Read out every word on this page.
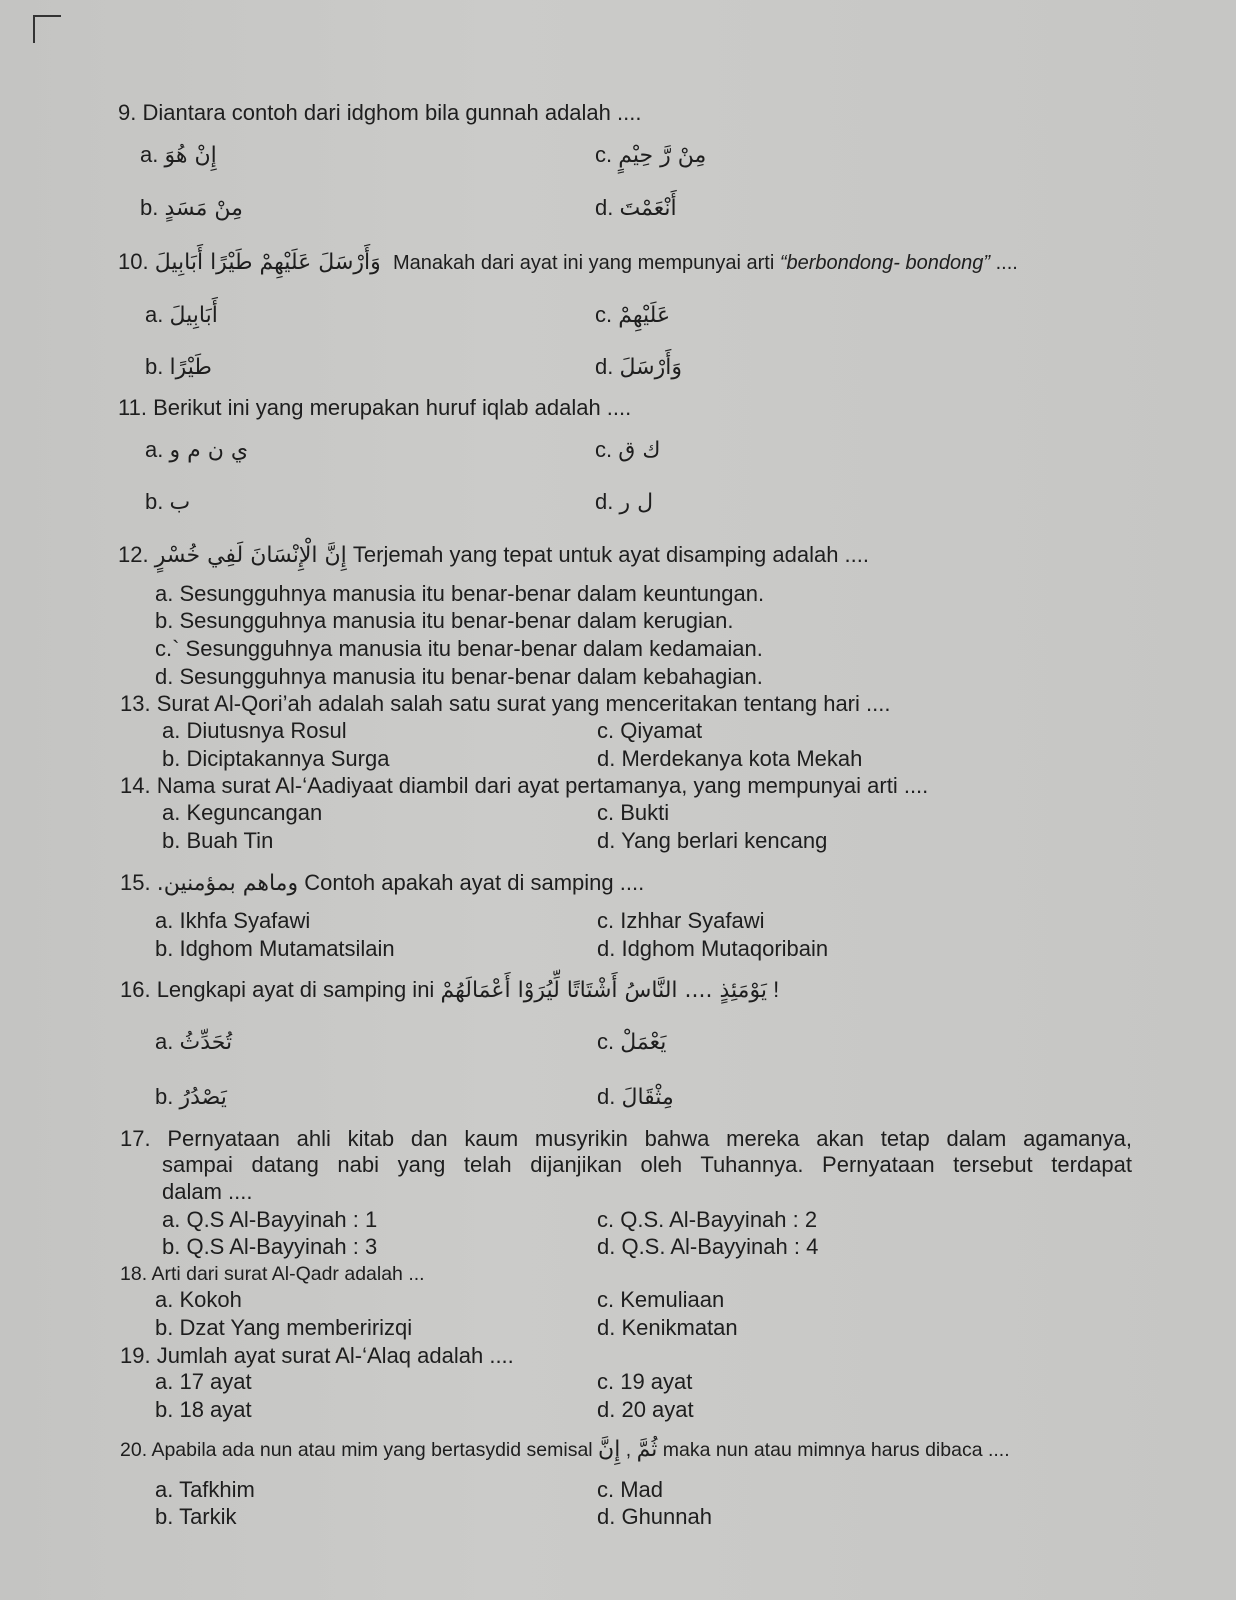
9. Diantara contoh dari idghom bila gunnah adalah ....
a. إِنْ هُوَ	c. مِنْ رَّ حِيْمٍ
b. مِنْ مَسَدٍ	d. أَنْعَمْتَ
10. وَأَرْسَلَ عَلَيْهِمْ طَيْرًا أَبَابِيلَ Manakah dari ayat ini yang mempunyai arti “berbondong- bondong” ....
a. أَبَابِيلَ	c. عَلَيْهِمْ
b. طَيْرًا	d. وَأَرْسَلَ
11. Berikut ini yang merupakan huruf iqlab adalah ....
a. ي ن م و	c. ك ق
b. ب	d. ل ر
12. إِنَّ الْإِنْسَانَ لَفِي خُسْرٍ Terjemah yang tepat untuk ayat disamping adalah ....
a. Sesungguhnya manusia itu benar-benar dalam keuntungan.
b. Sesungguhnya manusia itu benar-benar dalam kerugian.
c.` Sesungguhnya manusia itu benar-benar dalam kedamaian.
d. Sesungguhnya manusia itu benar-benar dalam kebahagian.
13. Surat Al-Qori’ah adalah salah satu surat yang menceritakan tentang hari ....
a. Diutusnya Rosul	c. Qiyamat
b. Diciptakannya Surga	d. Merdekanya kota Mekah
14. Nama surat Al-‘Aadiyaat diambil dari ayat pertamanya, yang mempunyai arti ....
a. Keguncangan	c. Bukti
b. Buah Tin	d. Yang berlari kencang
15. وماهم بمؤمنين. Contoh apakah ayat di samping ....
a. Ikhfa Syafawi	c. Izhhar Syafawi
b. Idghom Mutamatsilain	d. Idghom Mutaqoribain
16. Lengkapi ayat di samping ini يَوْمَئِذٍ .... النَّاسُ أَشْتَاتًا لِّيُرَوْا أَعْمَالَهُمْ !
a. تُحَدِّثُ	c. يَعْمَلْ
b. يَصْدُرُ	d. مِثْقَالَ
17. Pernyataan ahli kitab dan kaum musyrikin bahwa mereka akan tetap dalam agamanya,
sampai datang nabi yang telah dijanjikan oleh Tuhannya. Pernyataan tersebut terdapat
dalam ....
a. Q.S Al-Bayyinah : 1	c. Q.S. Al-Bayyinah : 2
b. Q.S Al-Bayyinah : 3	d. Q.S. Al-Bayyinah : 4
18. Arti dari surat Al-Qadr adalah ...
a. Kokoh	c. Kemuliaan
b. Dzat Yang memberirizqi	d. Kenikmatan
19. Jumlah ayat surat Al-‘Alaq adalah ....
a. 17 ayat	c. 19 ayat
b. 18 ayat	d. 20 ayat
20. Apabila ada nun atau mim yang bertasydid semisal ثُمَّ , إِنَّ maka nun atau mimnya harus dibaca ....
a. Tafkhim	c. Mad
b. Tarkik	d. Ghunnah
